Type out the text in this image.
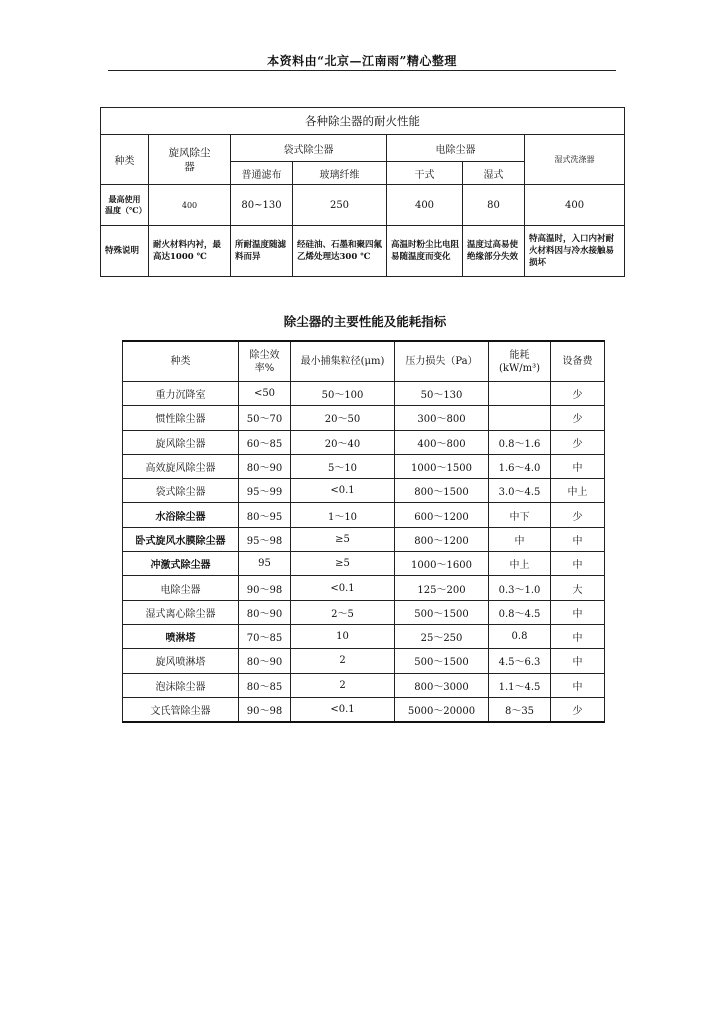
本资料由“北京—江南雨”精心整理
各种除尘器的耐火性能						
种类	旋风除尘器	袋式除尘器		电除尘器		湿式洗涤器
		普通滤布	玻璃纤维	干式	湿式	
最高使用温度（℃）	400	80~130	250	400	80	400
特殊说明	耐火材料内衬，最高达1000 ℃	所耐温度随滤料而异	经硅油、石墨和聚四氟乙烯处理达300 ℃	高温时粉尘比电阻易随温度而变化	温度过高易使绝缘部分失效	特高温时，入口内衬耐火材料因与冷水接触易损坏
除尘器的主要性能及能耗指标
种类	除尘效率%	最小捕集粒径(μm)	压力损失（Pa）	能耗(kW/m³)	设备费
重力沉降室	<50	50～100	50～130		少
惯性除尘器	50～70	20～50	300～800		少
旋风除尘器	60～85	20～40	400～800	0.8～1.6	少
高效旋风除尘器	80～90	5～10	1000～1500	1.6～4.0	中
袋式除尘器	95～99	<0.1	800～1500	3.0～4.5	中上
水浴除尘器	80～95	1～10	600～1200	中下	少
卧式旋风水膜除尘器	95～98	≥5	800～1200	中	中
冲激式除尘器	95	≥5	1000～1600	中上	中
电除尘器	90～98	<0.1	125～200	0.3～1.0	大
湿式离心除尘器	80～90	2～5	500～1500	0.8～4.5	中
喷淋塔	70～85	10	25～250	0.8	中
旋风喷淋塔	80～90	2	500～1500	4.5～6.3	中
泡沫除尘器	80～85	2	800～3000	1.1～4.5	中
文氏管除尘器	90～98	<0.1	5000～20000	8～35	少
